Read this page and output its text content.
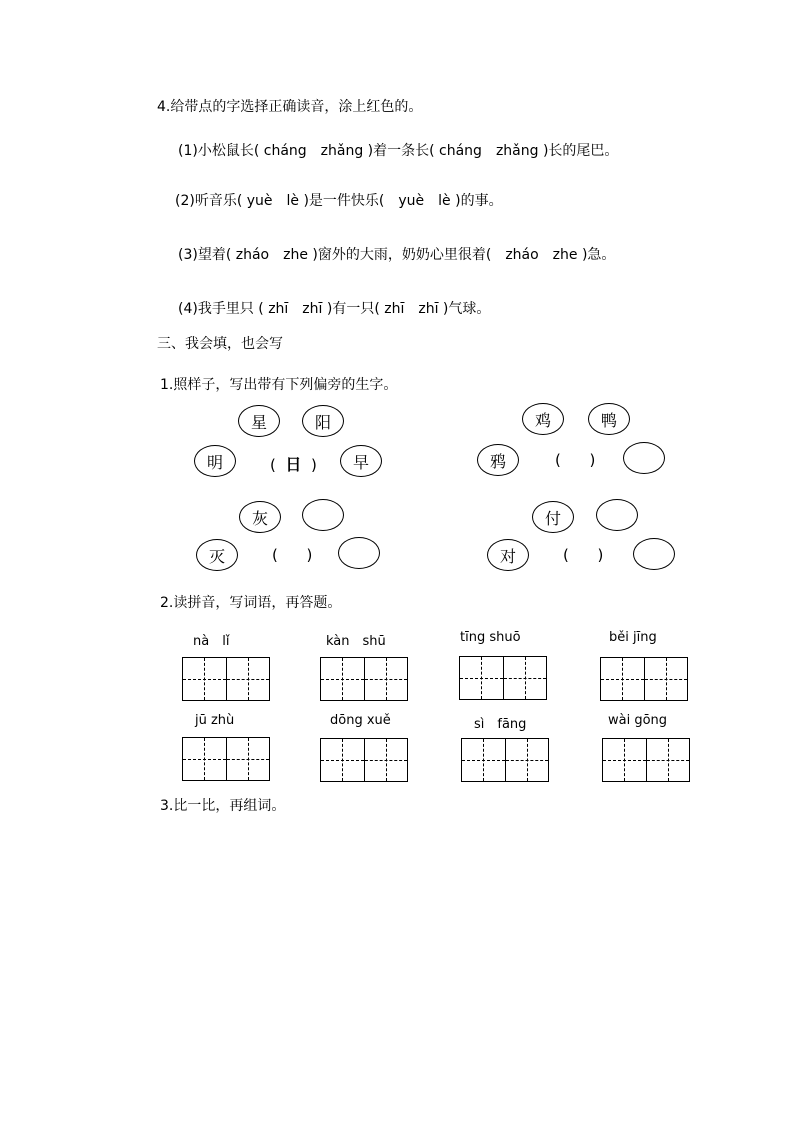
4.给带点的字选择正确读音，涂上红色的。
(1)小松鼠长( cháng　zhǎng )着一条长( cháng　zhǎng )长的尾巴。
(2)听音乐( yuè　lè )是一件快乐(　yuè　lè )的事。
(3)望着( zháo　zhe )窗外的大雨，奶奶心里很着(　zháo　zhe )急。
(4)我手里只 ( zhī　zhī )有一只( zhī　zhī )气球。
三、我会填，也会写
1.照样子，写出带有下列偏旁的生字。
星	阳
明	(  日  )	早
鸡	鸭
鸦	(      )
灰
灭	(      )
付
对	(      )
2.读拼音，写词语，再答题。
nà　lǐ	kàn　shū	tīng shuō	běi jīng
jū zhù	dōng xuě	sì　fāng	wài gōng
3.比一比，再组词。
